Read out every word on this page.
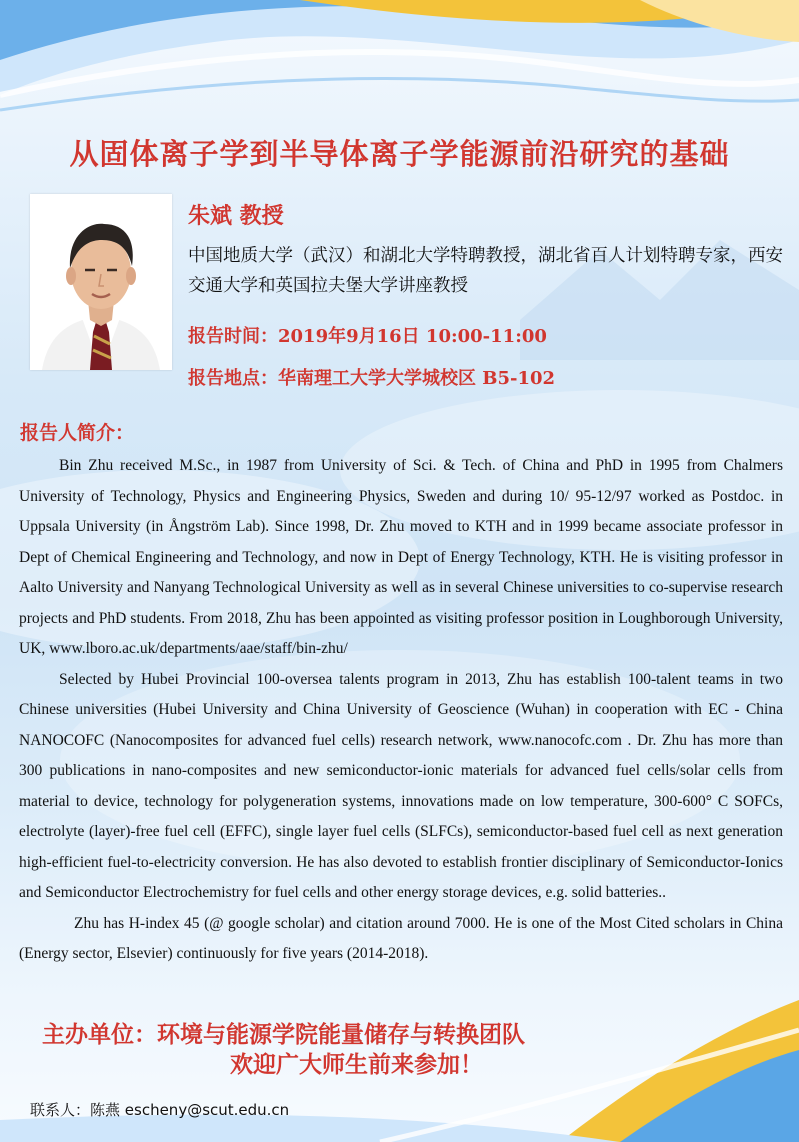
从固体离子学到半导体离子学能源前沿研究的基础
朱斌 教授
中国地质大学（武汉）和湖北大学特聘教授，湖北省百人计划特聘专家，西安交通大学和英国拉夫堡大学讲座教授
报告时间：2019年9月16日 10:00-11:00
报告地点：华南理工大学大学城校区 B5-102
报告人简介：

Bin Zhu received M.Sc., in 1987 from University of Sci. & Tech. of China and PhD in 1995 from Chalmers University of Technology, Physics and Engineering Physics, Sweden and during 10/ 95-12/97 worked as Postdoc. in Uppsala University (in Ångström Lab). Since 1998, Dr. Zhu moved to KTH and in 1999 became associate professor in Dept of Chemical Engineering and Technology, and now in Dept of Energy Technology, KTH. He is visiting professor in Aalto University and Nanyang Technological University as well as in several Chinese universities to co-supervise research projects and PhD students. From 2018, Zhu has been appointed as visiting professor position in Loughborough University, UK, www.lboro.ac.uk/departments/aae/staff/bin-zhu/

Selected by Hubei Provincial 100-oversea talents program in 2013, Zhu has establish 100-talent teams in two Chinese universities (Hubei University and China University of Geoscience (Wuhan) in cooperation with EC - China NANOCOFC (Nanocomposites for advanced fuel cells) research network, www.nanocofc.com . Dr. Zhu has more than 300 publications in nano-composites and new semiconductor-ionic materials for advanced fuel cells/solar cells from material to device, technology for polygeneration systems, innovations made on low temperature, 300-600° C SOFCs, electrolyte (layer)-free fuel cell (EFFC), single layer fuel cells (SLFCs), semiconductor-based fuel cell as next generation high-efficient fuel-to-electricity conversion. He has also devoted to establish frontier disciplinary of Semiconductor-Ionics and Semiconductor Electrochemistry for fuel cells and other energy storage devices, e.g. solid batteries..

Zhu has H-index 45 (@ google scholar) and citation around 7000. He is one of the Most Cited scholars in China (Energy sector, Elsevier) continuously for five years (2014-2018).

主办单位：环境与能源学院能量储存与转换团队
欢迎广大师生前来参加！
联系人：陈燕 escheny@scut.edu.cn
